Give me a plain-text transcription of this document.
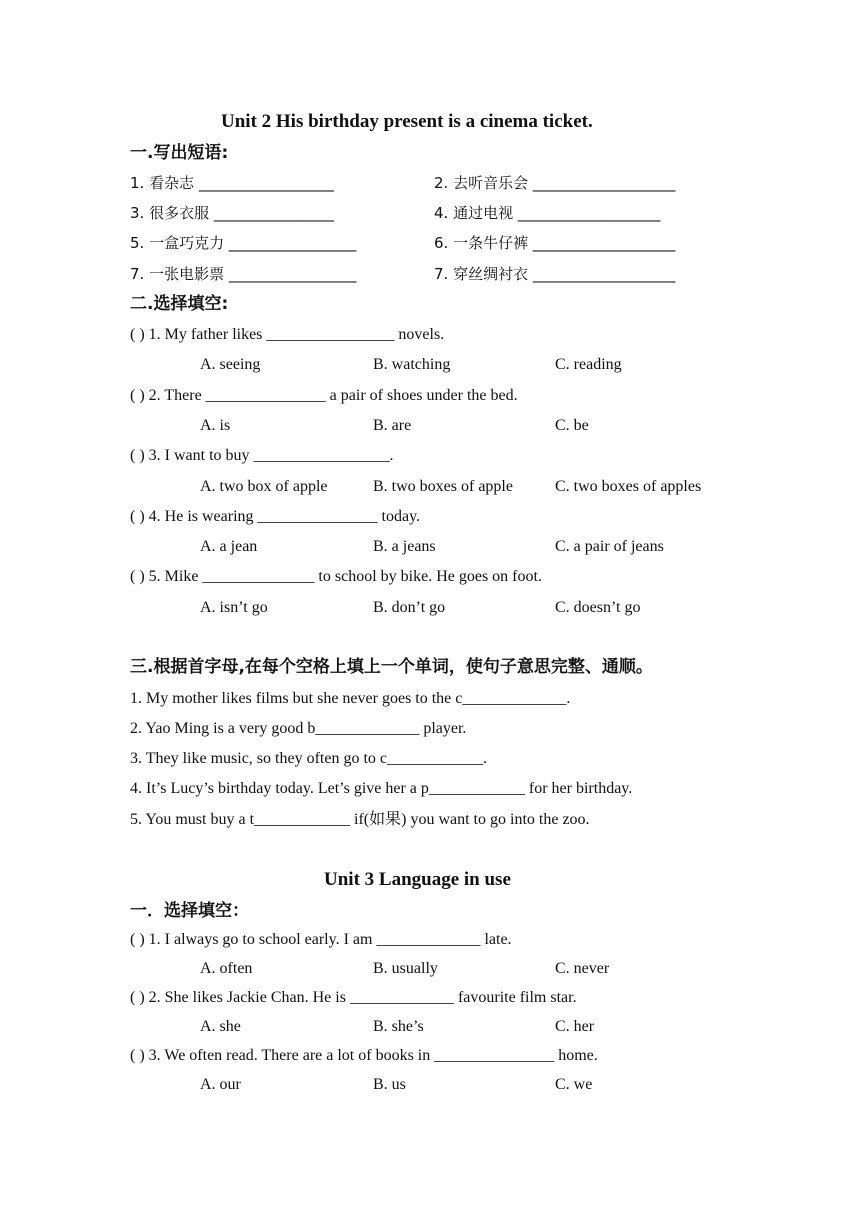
Unit 2 His birthday present is a cinema ticket.
一.写出短语:
1. 看杂志 __________________	2. 去听音乐会 ___________________
3. 很多衣服 ________________	4. 通过电视 ___________________
5. 一盒巧克力 _________________	6. 一条牛仔裤 ___________________
7. 一张电影票 _________________	7. 穿丝绸衬衣 ___________________
二.选择填空:
( ) 1. My father likes ________________ novels.
A. seeing	B. watching	C. reading
( ) 2. There _______________ a pair of shoes under the bed.
A. is	B. are	C. be
( ) 3. I want to buy _________________.
A. two box of apple	B. two boxes of apple	C. two boxes of apples
( ) 4. He is wearing _______________ today.
A. a jean	B. a jeans	C. a pair of jeans
( ) 5. Mike ______________ to school by bike. He goes on foot.
A. isn’t go	B. don’t go	C. doesn’t go
三.根据首字母,在每个空格上填上一个单词，使句子意思完整、通顺。
1. My mother likes films but she never goes to the c_____________.
2. Yao Ming is a very good b_____________ player.
3. They like music, so they often go to c____________.
4. It’s Lucy’s birthday today. Let’s give her a p____________ for her birthday.
5. You must buy a t____________ if(如果) you want to go into the zoo.
Unit 3 Language in use
一．选择填空：
( ) 1. I always go to school early. I am _____________ late.
A. often	B. usually	C. never
( ) 2. She likes Jackie Chan. He is _____________ favourite film star.
A. she	B. she’s	C. her
( ) 3. We often read. There are a lot of books in _______________ home.
A. our	B. us	C. we
